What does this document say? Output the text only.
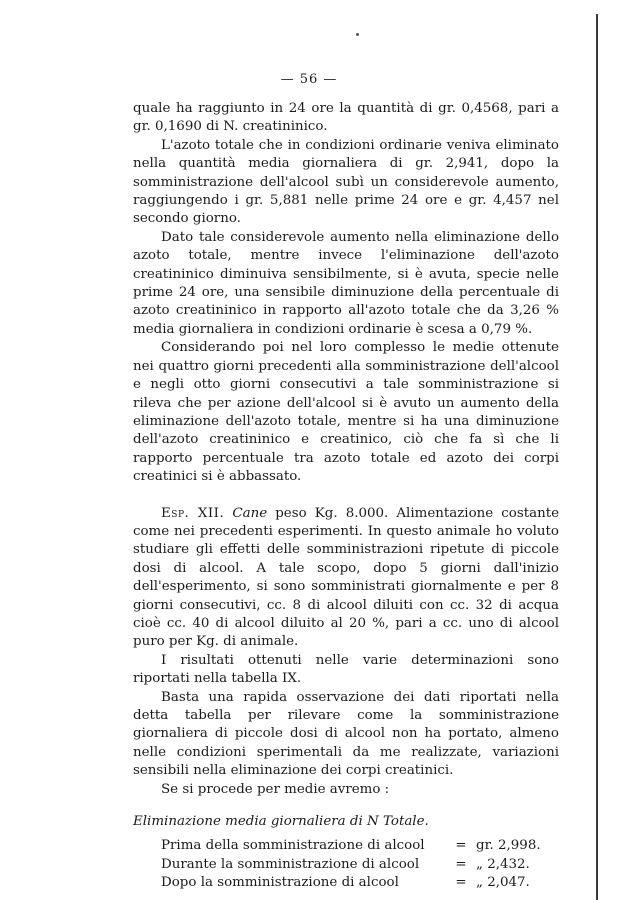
— 56 —

quale ha raggiunto in 24 ore la quantità di gr. 0,4568, pari a gr. 0,1690 di N. creatininico.

L'azoto totale che in condizioni ordinarie veniva eliminato nella quantità media giornaliera di gr. 2,941, dopo la somministrazione dell'alcool subì un considerevole aumento, raggiungendo i gr. 5,881 nelle prime 24 ore e gr. 4,457 nel secondo giorno.

Dato tale considerevole aumento nella eliminazione dello azoto totale, mentre invece l'eliminazione dell'azoto creatininico diminuiva sensibilmente, si è avuta, specie nelle prime 24 ore, una sensibile diminuzione della percentuale di azoto creatininico in rapporto all'azoto totale che da 3,26 % media giornaliera in condizioni ordinarie è scesa a 0,79 %.

Considerando poi nel loro complesso le medie ottenute nei quattro giorni precedenti alla somministrazione dell'alcool e negli otto giorni consecutivi a tale somministrazione si rileva che per azione dell'alcool si è avuto un aumento della eliminazione dell'azoto totale, mentre si ha una diminuzione dell'azoto creatininico e creatinico, ciò che fa sì che li rapporto percentuale tra azoto totale ed azoto dei corpi creatinici si è abbassato.

Esp. XII. Cane peso Kg. 8.000. Alimentazione costante come nei precedenti esperimenti. In questo animale ho voluto studiare gli effetti delle somministrazioni ripetute di piccole dosi di alcool. A tale scopo, dopo 5 giorni dall'inizio dell'esperimento, si sono somministrati giornalmente e per 8 giorni consecutivi, cc. 8 di alcool diluiti con cc. 32 di acqua cioè cc. 40 di alcool diluito al 20 %, pari a cc. uno di alcool puro per Kg. di animale.

I risultati ottenuti nelle varie determinazioni sono riportati nella tabella IX.

Basta una rapida osservazione dei dati riportati nella detta tabella per rilevare come la somministrazione giornaliera di piccole dosi di alcool non ha portato, almeno nelle condizioni sperimentali da me realizzate, variazioni sensibili nella eliminazione dei corpi creatinici.

Se si procede per medie avremo :

Eliminazione media giornaliera di N Totale.

Prima della somministrazione di alcool	= gr. 2,998.
Durante la somministrazione di alcool	= „ 2,432.
Dopo la somministrazione di alcool	= „ 2,047.
